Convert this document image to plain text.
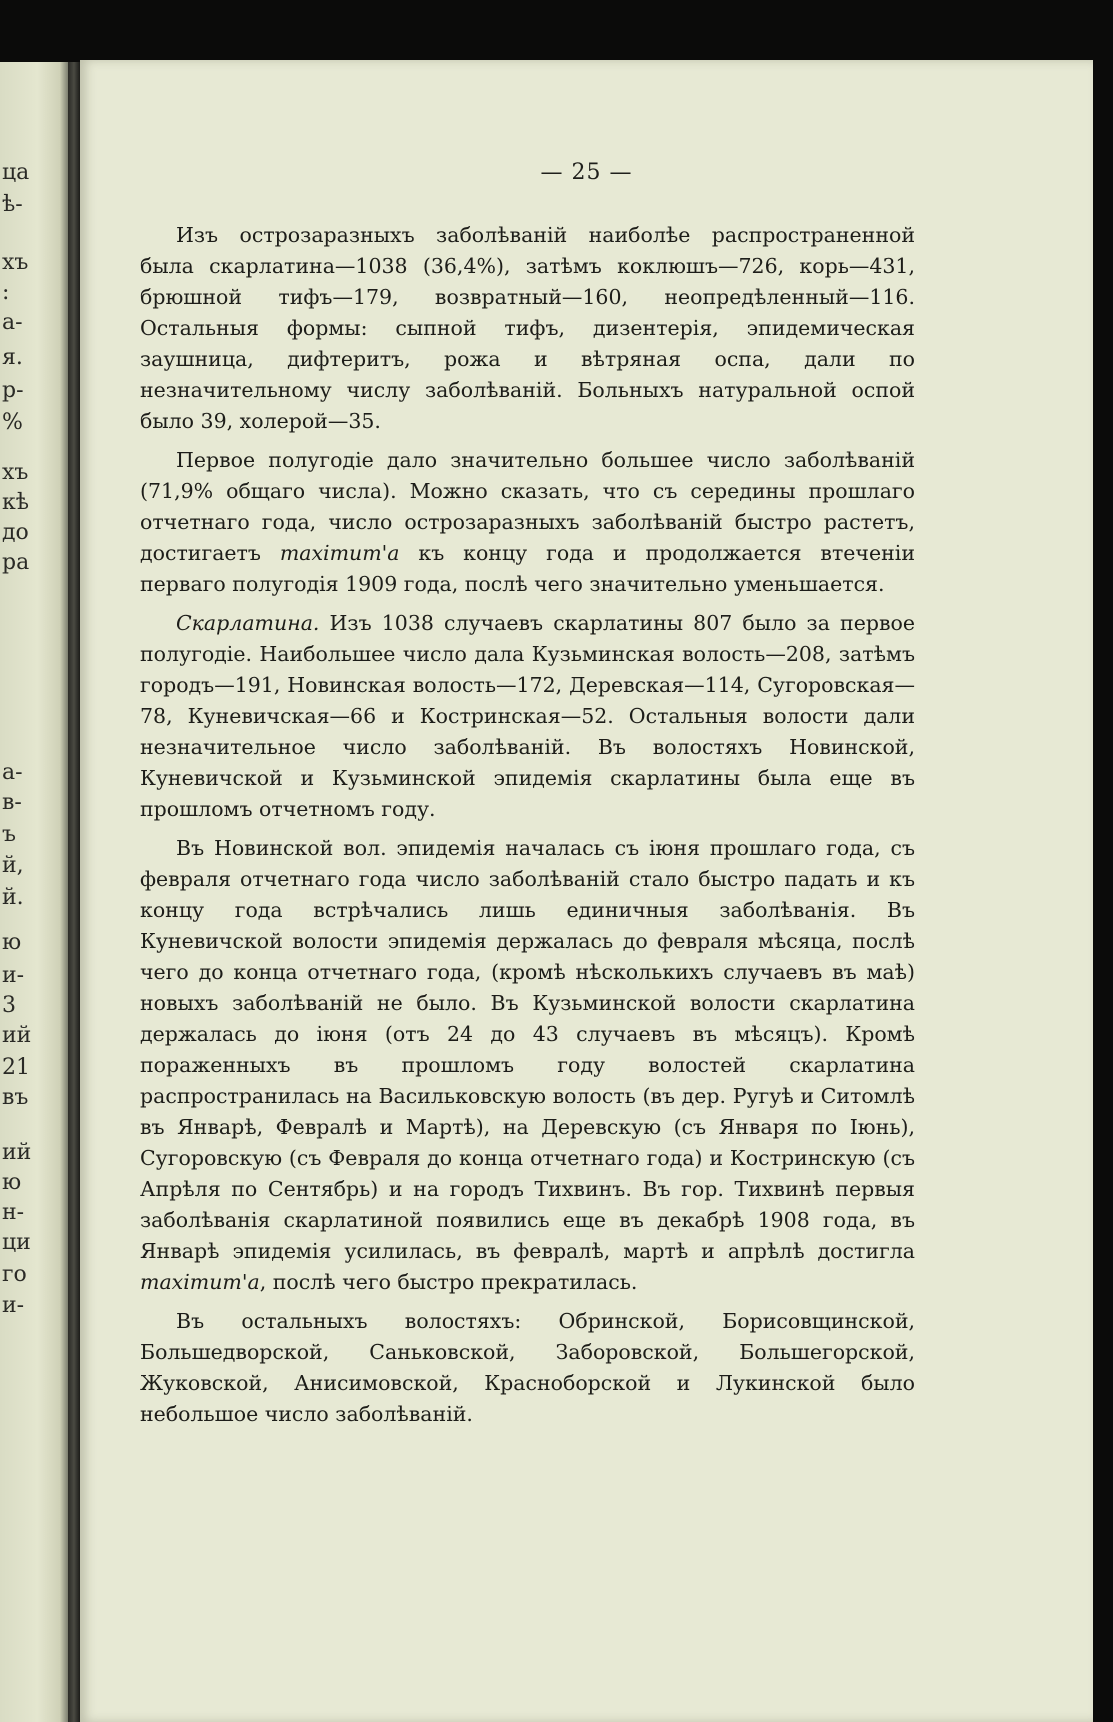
ца
ѣ-
хъ
:
а-
я.
р-
%
хъ
кѣ
до
ра
а-
в-
ъ
й,
й.
ю
и-
3
ий
21
въ
ий
ю
н-
ци
го
и-
— 25 —

Изъ острозаразныхъ заболѣваній наиболѣе распространенной была скарлатина—1038 (36,4%), затѣмъ коклюшъ—726, корь—431, брюшной тифъ—179, возвратный—160, неопредѣленный—116. Остальныя формы: сыпной тифъ, дизентерія, эпидемическая заушница, дифтеритъ, рожа и вѣтряная оспа, дали по незначительному числу заболѣваній. Больныхъ натуральной оспой было 39, холерой—35.

Первое полугодіе дало значительно большее число заболѣваній (71,9% общаго числа). Можно сказать, что съ середины прошлаго отчетнаго года, число острозаразныхъ заболѣваній быстро растетъ, достигаетъ maximum'а къ концу года и продолжается втеченіи перваго полугодія 1909 года, послѣ чего значительно уменьшается.

Скарлатина. Изъ 1038 случаевъ скарлатины 807 было за первое полугодіе. Наибольшее число дала Кузьминская волость—208, затѣмъ городъ—191, Новинская волость—172, Деревская—114, Сугоровская—78, Куневичская—66 и Костринская—52. Остальныя волости дали незначительное число заболѣваній. Въ волостяхъ Новинской, Куневичской и Кузьминской эпидемія скарлатины была еще въ прошломъ отчетномъ году.

Въ Новинской вол. эпидемія началась съ іюня прошлаго года, съ февраля отчетнаго года число заболѣваній стало быстро падать и къ концу года встрѣчались лишь единичныя заболѣванія. Въ Куневичской волости эпидемія держалась до февраля мѣсяца, послѣ чего до конца отчетнаго года, (кромѣ нѣсколькихъ случаевъ въ маѣ) новыхъ заболѣваній не было. Въ Кузьминской волости скарлатина держалась до іюня (отъ 24 до 43 случаевъ въ мѣсяцъ). Кромѣ пораженныхъ въ прошломъ году волостей скарлатина распространилась на Васильковскую волость (въ дер. Ругуѣ и Ситомлѣ въ Январѣ, Февралѣ и Мартѣ), на Деревскую (съ Января по Іюнь), Сугоровскую (съ Февраля до конца отчетнаго года) и Костринскую (съ Апрѣля по Сентябрь) и на городъ Тихвинъ. Въ гор. Тихвинѣ первыя заболѣванія скарлатиной появились еще въ декабрѣ 1908 года, въ Январѣ эпидемія усилилась, въ февралѣ, мартѣ и апрѣлѣ достигла maximum'а, послѣ чего быстро прекратилась.

Въ остальныхъ волостяхъ: Обринской, Борисовщинской, Большедворской, Саньковской, Заборовской, Большегорской, Жуковской, Анисимовской, Красноборской и Лукинской было небольшое число заболѣваній.
